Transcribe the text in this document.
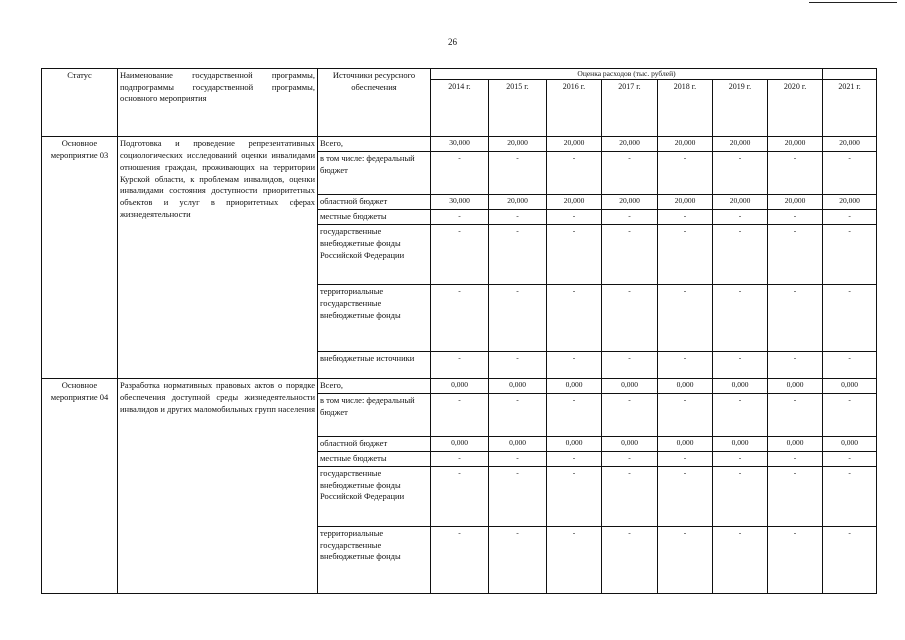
26
Статус	Наименование государственной программы, подпрограммы государственной программы, основного мероприятия	Источники ресурсного обеспечения	Оценка расходов (тыс. рублей)							
			2014 г.	2015 г.	2016 г.	2017 г.	2018 г.	2019 г.	2020 г.	2021 г.
Основное мероприятие 03	Подготовка и проведение репрезентативных социологических исследований оценки инвалидами отношения граждан, проживающих на территории Курской области, к проблемам инвалидов, оценки инвалидами состояния доступности приоритетных объектов и услуг в приоритетных сферах жизнедеятельности	Всего,	30,000	20,000	20,000	20,000	20,000	20,000	20,000	20,000
		в том числе: федеральный бюджет	-	-	-	-	-	-	-	-
		областной бюджет	30,000	20,000	20,000	20,000	20,000	20,000	20,000	20,000
		местные бюджеты	-	-	-	-	-	-	-	-
		государственные внебюджетные фонды Российской Федерации	-	-	-	-	-	-	-	-
		территориальные государственные внебюджетные фонды	-	-	-	-	-	-	-	-
		внебюджетные источники	-	-	-	-	-	-	-	-
Основное мероприятие 04	Разработка нормативных правовых актов о порядке обеспечения доступной среды жизнедеятельности инвалидов и других маломобильных групп населения	Всего,	0,000	0,000	0,000	0,000	0,000	0,000	0,000	0,000
		в том числе: федеральный бюджет	-	-	-	-	-	-	-	-
		областной бюджет	0,000	0,000	0,000	0,000	0,000	0,000	0,000	0,000
		местные бюджеты	-	-	-	-	-	-	-	-
		государственные внебюджетные фонды Российской Федерации	-	-	-	-	-	-	-	-
		территориальные государственные внебюджетные фонды	-	-	-	-	-	-	-	-
